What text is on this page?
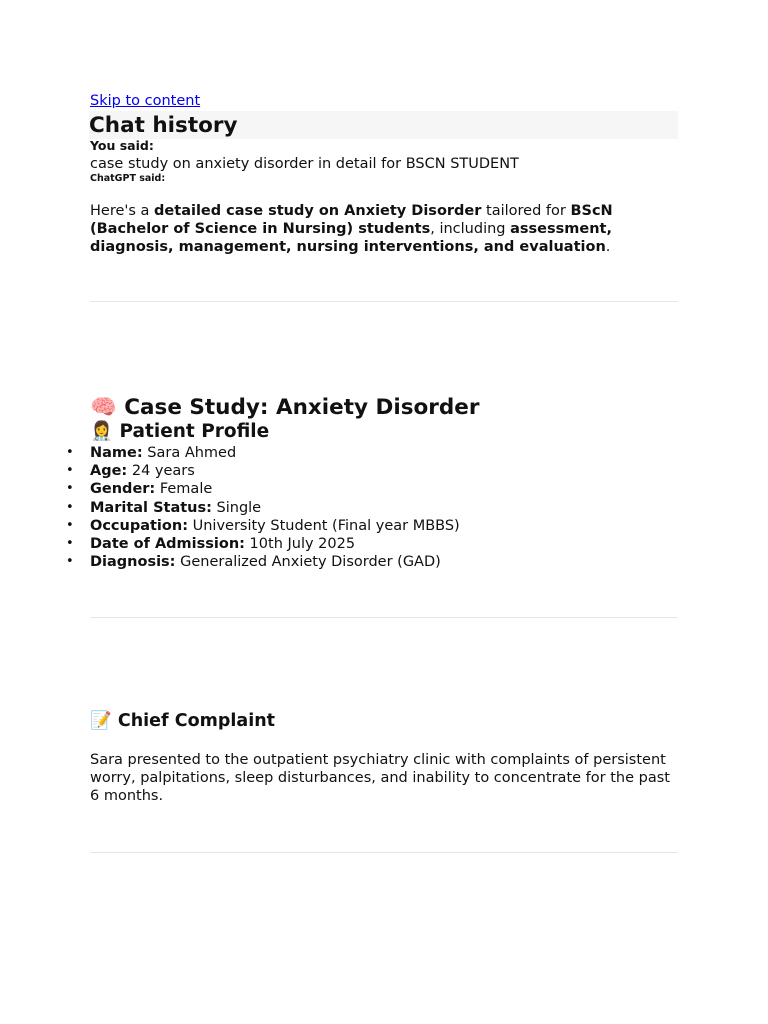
Skip to content
Chat history
You said:
case study on anxiety disorder in detail for BSCN STUDENT
ChatGPT said:

Here's a detailed case study on Anxiety Disorder tailored for BScN (Bachelor of Science in Nursing) students, including assessment, diagnosis, management, nursing interventions, and evaluation.

🧠 Case Study: Anxiety Disorder
👩‍⚕️ Patient Profile
• Name: Sara Ahmed
• Age: 24 years
• Gender: Female
• Marital Status: Single
• Occupation: University Student (Final year MBBS)
• Date of Admission: 10th July 2025
• Diagnosis: Generalized Anxiety Disorder (GAD)
📝 Chief Complaint

Sara presented to the outpatient psychiatry clinic with complaints of persistent worry, palpitations, sleep disturbances, and inability to concentrate for the past 6 months.
